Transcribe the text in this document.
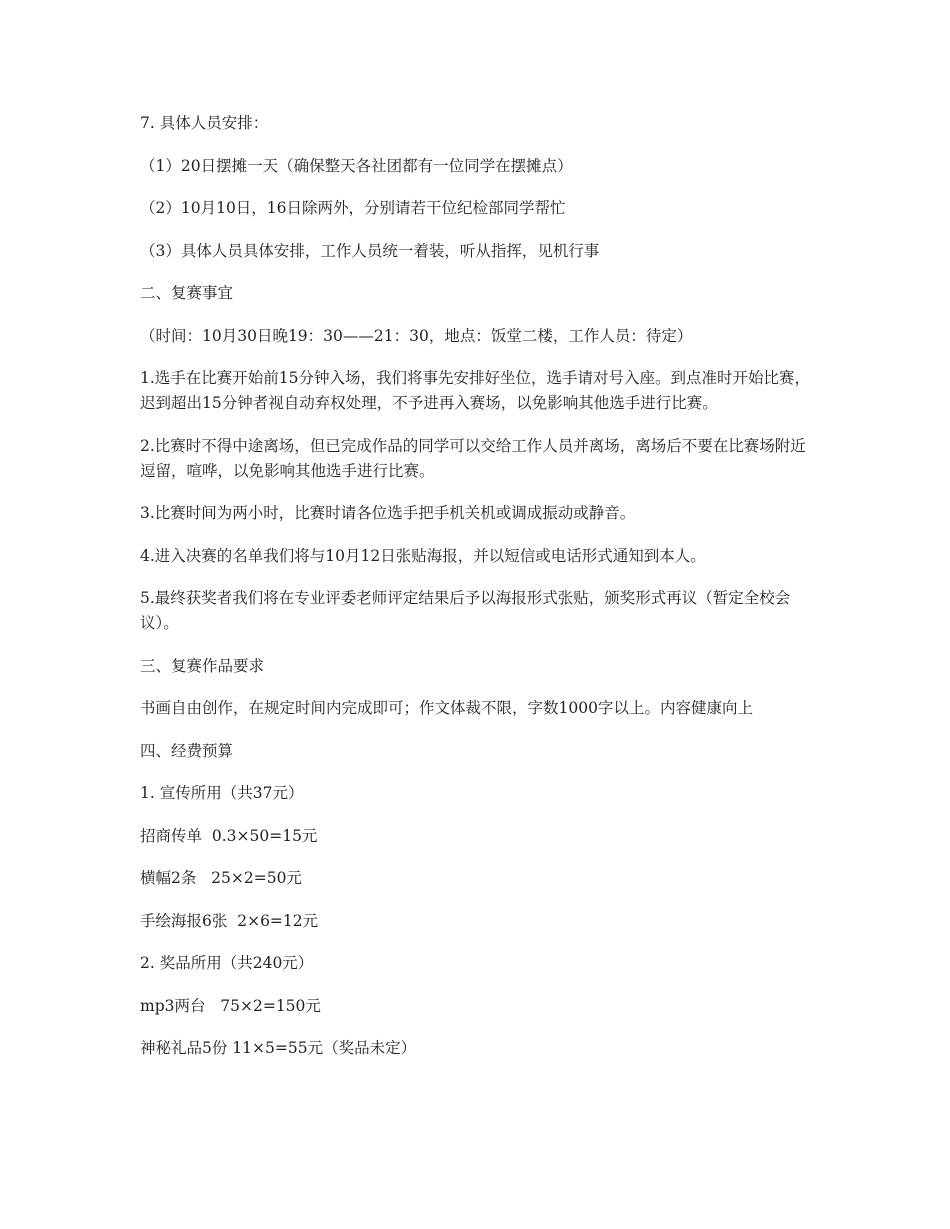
7. 具体人员安排：

（1）20日摆摊一天（确保整天各社团都有一位同学在摆摊点）

（2）10月10日，16日除两外，分别请若干位纪检部同学帮忙

（3）具体人员具体安排，工作人员统一着装，听从指挥，见机行事

二、复赛事宜

（时间：10月30日晚19：30——21：30，地点：饭堂二楼，工作人员：待定）

1.选手在比赛开始前15分钟入场，我们将事先安排好坐位，选手请对号入座。到点准时开始比赛，迟到超出15分钟者视自动弃权处理，不予进再入赛场，以免影响其他选手进行比赛。

2.比赛时不得中途离场，但已完成作品的同学可以交给工作人员并离场，离场后不要在比赛场附近逗留，喧哗，以免影响其他选手进行比赛。

3.比赛时间为两小时，比赛时请各位选手把手机关机或调成振动或静音。

4.进入决赛的名单我们将与10月12日张贴海报，并以短信或电话形式通知到本人。

5.最终获奖者我们将在专业评委老师评定结果后予以海报形式张贴，颁奖形式再议（暂定全校会议）。

三、复赛作品要求

书画自由创作，在规定时间内完成即可；作文体裁不限，字数1000字以上。内容健康向上

四、经费预算

1. 宣传所用（共37元）

招商传单  0.3×50=15元

横幅2条   25×2=50元

手绘海报6张  2×6=12元

2. 奖品所用（共240元）

mp3两台   75×2=150元

神秘礼品5份 11×5=55元（奖品未定）
